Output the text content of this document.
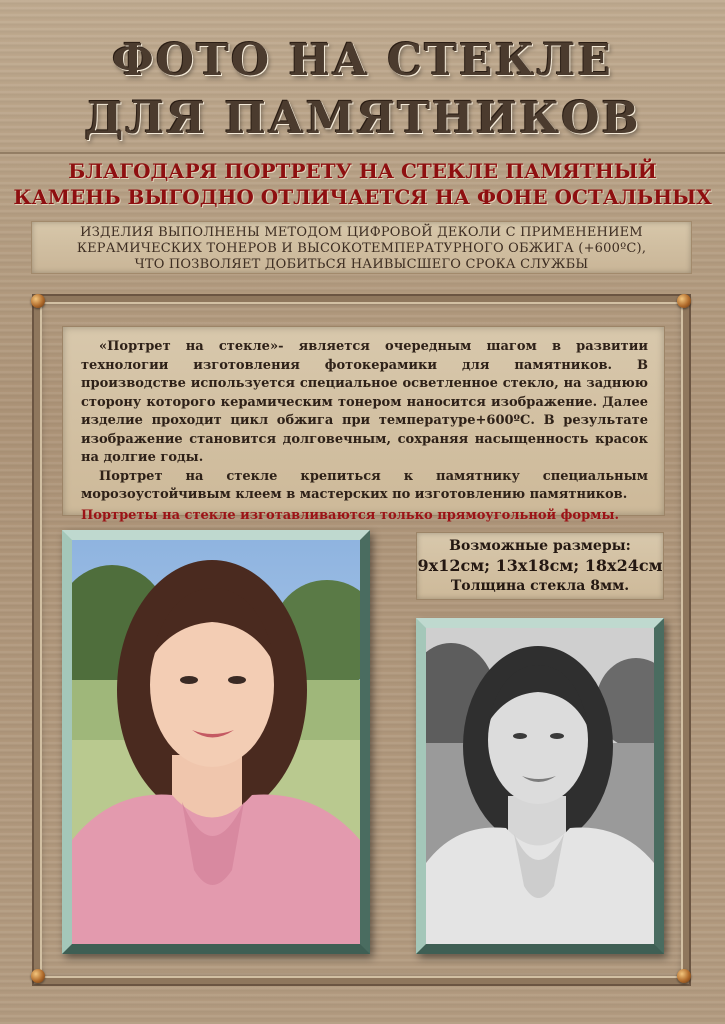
ФОТО НА СТЕКЛЕ
ДЛЯ ПАМЯТНИКОВ
БЛАГОДАРЯ ПОРТРЕТУ НА СТЕКЛЕ ПАМЯТНЫЙ
КАМЕНЬ ВЫГОДНО ОТЛИЧАЕТСЯ НА ФОНЕ ОСТАЛЬНЫХ
ИЗДЕЛИЯ ВЫПОЛНЕНЫ МЕТОДОМ ЦИФРОВОЙ ДЕКОЛИ С ПРИМЕНЕНИЕМ
КЕРАМИЧЕСКИХ ТОНЕРОВ И ВЫСОКОТЕМПЕРАТУРНОГО ОБЖИГА (+600ºС),
ЧТО ПОЗВОЛЯЕТ ДОБИТЬСЯ НАИВЫСШЕГО СРОКА СЛУЖБЫ

«Портрет на стекле»- является очередным шагом в развитии технологии изготовления фотокерамики для памятников. В производстве используется специальное осветленное стекло, на заднюю сторону которого керамическим тонером наносится изображение. Далее изделие проходит цикл обжига при температуре+600ºС. В результате изображение становится долговечным, сохраняя насыщенность красок на долгие годы.

Портрет на стекле крепиться к памятнику специальным морозоустойчивым клеем в мастерских по изготовлению памятников.

Портреты на стекле изготавливаются только прямоугольной формы.

Возможные размеры:
9х12см; 13х18см; 18х24см
Толщина стекла 8мм.
